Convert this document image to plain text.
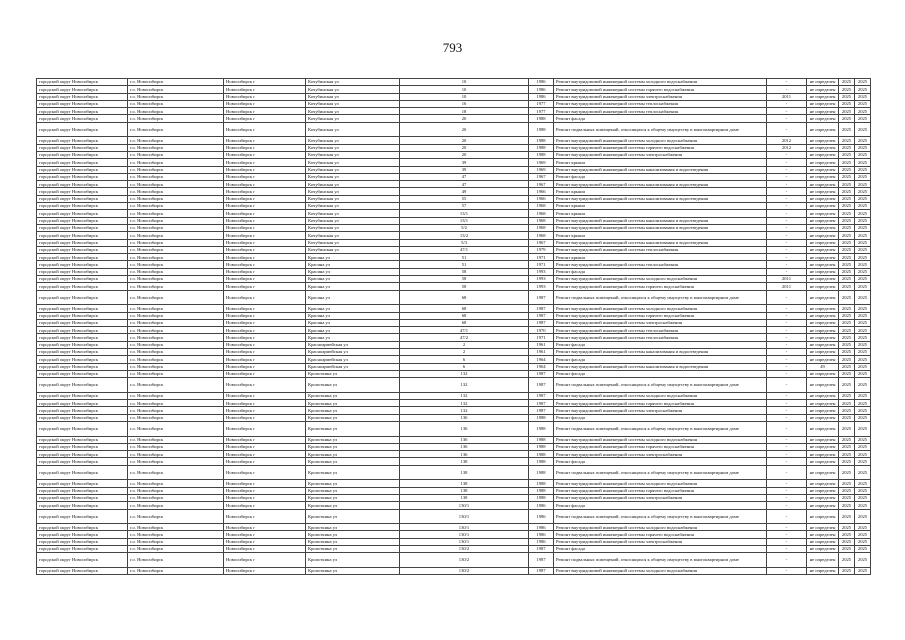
793
городской округ Новосибирск	г.о. Новосибирск	Новосибирск г	Кочубинская ул	10	1986	Ремонт внутридомовой инженерной системы холодного водоснабжения	-	не определен	2025	2025
городской округ Новосибирск	г.о. Новосибирск	Новосибирск г	Кочубинская ул	10	1986	Ремонт внутридомовой инженерной системы горячего водоснабжения	-	не определен	2025	2025
городской округ Новосибирск	г.о. Новосибирск	Новосибирск г	Кочубинская ул	10	1986	Ремонт внутридомовой инженерной системы электроснабжения	2011	не определен	2025	2025
городской округ Новосибирск	г.о. Новосибирск	Новосибирск г	Кочубинская ул	16	1977	Ремонт внутридомовой инженерной системы теплоснабжения	-	не определен	2025	2025
городской округ Новосибирск	г.о. Новосибирск	Новосибирск г	Кочубинская ул	18	1977	Ремонт внутридомовой инженерной системы теплоснабжения	-	не определен	2025	2025
городской округ Новосибирск	г.о. Новосибирск	Новосибирск г	Кочубинская ул	20	1988	Ремонт фасада	-	не определен	2025	2025
городской округ Новосибирск	г.о. Новосибирск	Новосибирск г	Кочубинская ул	20	1988	Ремонт подвальных помещений, относящихся к общему имуществу в многоквартирном доме	-	не определен	2025	2025
городской округ Новосибирск	г.о. Новосибирск	Новосибирск г	Кочубинская ул	20	1988	Ремонт внутридомовой инженерной системы холодного водоснабжения	2012	не определен	2025	2025
городской округ Новосибирск	г.о. Новосибирск	Новосибирск г	Кочубинская ул	20	1988	Ремонт внутридомовой инженерной системы горячего водоснабжения	2012	не определен	2025	2025
городской округ Новосибирск	г.о. Новосибирск	Новосибирск г	Кочубинская ул	20	1988	Ремонт внутридомовой инженерной системы электроснабжения	-	не определен	2025	2025
городской округ Новосибирск	г.о. Новосибирск	Новосибирск г	Кочубинская ул	39	1969	Ремонт крыши	-	не определен	2025	2025
городской округ Новосибирск	г.о. Новосибирск	Новосибирск г	Кочубинская ул	39	1969	Ремонт внутридомовой инженерной системы канализования и водоотведения	-	не определен	2025	2025
городской округ Новосибирск	г.о. Новосибирск	Новосибирск г	Кочубинская ул	47	1967	Ремонт фасада	-	не определен	2025	2025
городской округ Новосибирск	г.о. Новосибирск	Новосибирск г	Кочубинская ул	47	1967	Ремонт внутридомовой инженерной системы канализования и водоотведения	-	не определен	2025	2025
городской округ Новосибирск	г.о. Новосибирск	Новосибирск г	Кочубинская ул	49	1966	Ремонт крыши	-	не определен	2025	2025
городской округ Новосибирск	г.о. Новосибирск	Новосибирск г	Кочубинская ул	55	1966	Ремонт внутридомовой инженерной системы канализования и водоотведения	-	не определен	2025	2025
городской округ Новосибирск	г.о. Новосибирск	Новосибирск г	Кочубинская ул	57	1968	Ремонт крыши	-	не определен	2025	2025
городской округ Новосибирск	г.о. Новосибирск	Новосибирск г	Кочубинская ул	13/1	1968	Ремонт крыши	-	не определен	2025	2025
городской округ Новосибирск	г.о. Новосибирск	Новосибирск г	Кочубинская ул	13/1	1968	Ремонт внутридомовой инженерной системы канализования и водоотведения	-	не определен	2025	2025
городской округ Новосибирск	г.о. Новосибирск	Новосибирск г	Кочубинская ул	5/2	1968	Ремонт внутридомовой инженерной системы канализования и водоотведения	-	не определен	2025	2025
городской округ Новосибирск	г.о. Новосибирск	Новосибирск г	Кочубинская ул	13/2	1968	Ремонт крыши	-	не определен	2025	2025
городской округ Новосибирск	г.о. Новосибирск	Новосибирск г	Кочубинская ул	5/3	1967	Ремонт внутридомовой инженерной системы канализования и водоотведения	-	не определен	2025	2025
городской округ Новосибирск	г.о. Новосибирск	Новосибирск г	Кочубинская ул	47/1	1979	Ремонт внутридомовой инженерной системы теплоснабжения	-	не определен	2025	2025
городской округ Новосибирск	г.о. Новосибирск	Новосибирск г	Красина ул	51	1971	Ремонт крыши	-	не определен	2025	2025
городской округ Новосибирск	г.о. Новосибирск	Новосибирск г	Красина ул	51	1971	Ремонт внутридомовой инженерной системы теплоснабжения	-	не определен	2025	2025
городской округ Новосибирск	г.о. Новосибирск	Новосибирск г	Красина ул	58	1993	Ремонт фасада	-	не определен	2025	2025
городской округ Новосибирск	г.о. Новосибирск	Новосибирск г	Красина ул	58	1993	Ремонт внутридомовой инженерной системы холодного водоснабжения	2011	не определен	2025	2025
городской округ Новосибирск	г.о. Новосибирск	Новосибирск г	Красина ул	58	1993	Ремонт внутридомовой инженерной системы горячего водоснабжения	2011	не определен	2025	2025
городской округ Новосибирск	г.о. Новосибирск	Новосибирск г	Красина ул	68	1987	Ремонт подвальных помещений, относящихся к общему имуществу в многоквартирном доме	-	не определен	2025	2025
городской округ Новосибирск	г.о. Новосибирск	Новосибирск г	Красина ул	68	1987	Ремонт внутридомовой инженерной системы холодного водоснабжения	-	не определен	2025	2025
городской округ Новосибирск	г.о. Новосибирск	Новосибирск г	Красина ул	68	1987	Ремонт внутридомовой инженерной системы горячего водоснабжения	-	не определен	2025	2025
городской округ Новосибирск	г.о. Новосибирск	Новосибирск г	Красина ул	68	1987	Ремонт внутридомовой инженерной системы электроснабжения	-	не определен	2025	2025
городской округ Новосибирск	г.о. Новосибирск	Новосибирск г	Красина ул	47/1	1970	Ремонт внутридомовой инженерной системы теплоснабжения	-	не определен	2025	2025
городской округ Новосибирск	г.о. Новосибирск	Новосибирск г	Красина ул	47/2	1971	Ремонт внутридомовой инженерной системы теплоснабжения	-	не определен	2025	2025
городской округ Новосибирск	г.о. Новосибирск	Новосибирск г	Красноармейская ул	2	1961	Ремонт фасада	-	не определен	2025	2025
городской округ Новосибирск	г.о. Новосибирск	Новосибирск г	Красноармейская ул	2	1961	Ремонт внутридомовой инженерной системы канализования и водоотведения	-	не определен	2025	2025
городской округ Новосибирск	г.о. Новосибирск	Новосибирск г	Красноармейская ул	6	1964	Ремонт фасада	-	не определен	2025	2025
городской округ Новосибирск	г.о. Новосибирск	Новосибирск г	Красноармейская ул	6	1964	Ремонт внутридомовой инженерной системы канализования и водоотведения	-	49	2025	2025
городской округ Новосибирск	г.о. Новосибирск	Новосибирск г	Кропоткина ул	132	1987	Ремонт фасада	-	не определен	2025	2025
городской округ Новосибирск	г.о. Новосибирск	Новосибирск г	Кропоткина ул	132	1987	Ремонт подвальных помещений, относящихся к общему имуществу в многоквартирном доме	-	не определен	2025	2025
городской округ Новосибирск	г.о. Новосибирск	Новосибирск г	Кропоткина ул	132	1987	Ремонт внутридомовой инженерной системы холодного водоснабжения	-	не определен	2025	2025
городской округ Новосибирск	г.о. Новосибирск	Новосибирск г	Кропоткина ул	132	1987	Ремонт внутридомовой инженерной системы горячего водоснабжения	-	не определен	2025	2025
городской округ Новосибирск	г.о. Новосибирск	Новосибирск г	Кропоткина ул	132	1987	Ремонт внутридомовой инженерной системы электроснабжения	-	не определен	2025	2025
городской округ Новосибирск	г.о. Новосибирск	Новосибирск г	Кропоткина ул	136	1988	Ремонт фасада	-	не определен	2025	2025
городской округ Новосибирск	г.о. Новосибирск	Новосибирск г	Кропоткина ул	136	1988	Ремонт подвальных помещений, относящихся к общему имуществу в многоквартирном доме	-	не определен	2025	2025
городской округ Новосибирск	г.о. Новосибирск	Новосибирск г	Кропоткина ул	136	1988	Ремонт внутридомовой инженерной системы холодного водоснабжения	-	не определен	2025	2025
городской округ Новосибирск	г.о. Новосибирск	Новосибирск г	Кропоткина ул	136	1988	Ремонт внутридомовой инженерной системы горячего водоснабжения	-	не определен	2025	2025
городской округ Новосибирск	г.о. Новосибирск	Новосибирск г	Кропоткина ул	136	1988	Ремонт внутридомовой инженерной системы электроснабжения	-	не определен	2025	2025
городской округ Новосибирск	г.о. Новосибирск	Новосибирск г	Кропоткина ул	138	1988	Ремонт фасада	-	не определен	2025	2025
городской округ Новосибирск	г.о. Новосибирск	Новосибирск г	Кропоткина ул	138	1988	Ремонт подвальных помещений, относящихся к общему имуществу в многоквартирном доме	-	не определен	2025	2025
городской округ Новосибирск	г.о. Новосибирск	Новосибирск г	Кропоткина ул	138	1988	Ремонт внутридомовой инженерной системы холодного водоснабжения	-	не определен	2025	2025
городской округ Новосибирск	г.о. Новосибирск	Новосибирск г	Кропоткина ул	138	1988	Ремонт внутридомовой инженерной системы горячего водоснабжения	-	не определен	2025	2025
городской округ Новосибирск	г.о. Новосибирск	Новосибирск г	Кропоткина ул	138	1988	Ремонт внутридомовой инженерной системы электроснабжения	-	не определен	2025	2025
городской округ Новосибирск	г.о. Новосибирск	Новосибирск г	Кропоткина ул	130/1	1986	Ремонт фасада	-	не определен	2025	2025
городской округ Новосибирск	г.о. Новосибирск	Новосибирск г	Кропоткина ул	130/1	1986	Ремонт подвальных помещений, относящихся к общему имуществу в многоквартирном доме	-	не определен	2025	2025
городской округ Новосибирск	г.о. Новосибирск	Новосибирск г	Кропоткина ул	130/1	1986	Ремонт внутридомовой инженерной системы холодного водоснабжения	-	не определен	2025	2025
городской округ Новосибирск	г.о. Новосибирск	Новосибирск г	Кропоткина ул	130/1	1986	Ремонт внутридомовой инженерной системы горячего водоснабжения	-	не определен	2025	2025
городской округ Новосибирск	г.о. Новосибирск	Новосибирск г	Кропоткина ул	130/1	1986	Ремонт внутридомовой инженерной системы электроснабжения	-	не определен	2025	2025
городской округ Новосибирск	г.о. Новосибирск	Новосибирск г	Кропоткина ул	130/2	1987	Ремонт фасада	-	не определен	2025	2025
городской округ Новосибирск	г.о. Новосибирск	Новосибирск г	Кропоткина ул	130/2	1987	Ремонт подвальных помещений, относящихся к общему имуществу в многоквартирном доме	-	не определен	2025	2025
городской округ Новосибирск	г.о. Новосибирск	Новосибирск г	Кропоткина ул	130/2	1987	Ремонт внутридомовой инженерной системы холодного водоснабжения	-	не определен	2025	2025
